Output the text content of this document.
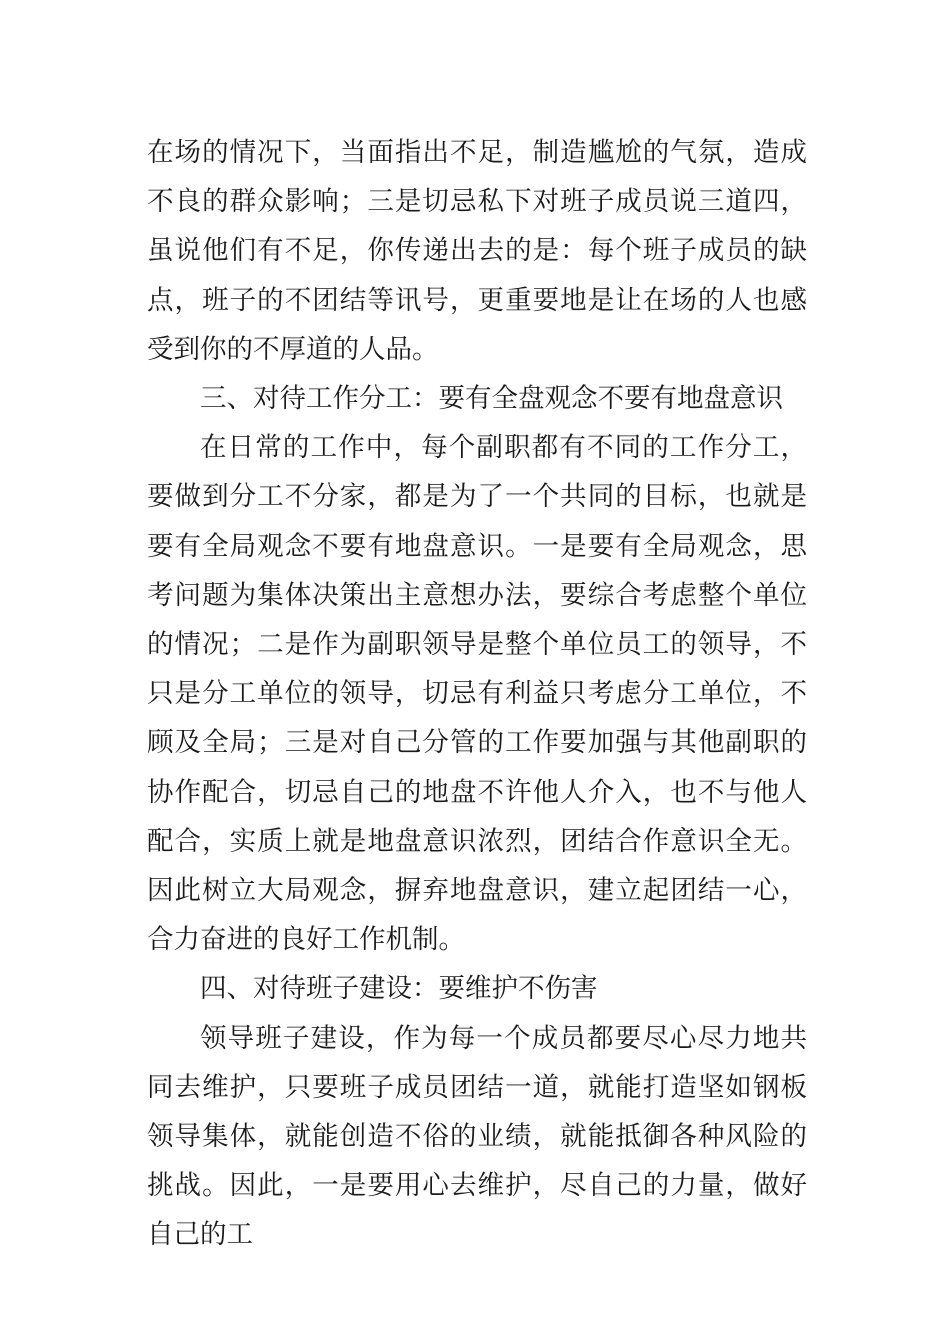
在场的情况下，当面指出不足，制造尴尬的气氛，造成不良的群众影响；三是切忌私下对班子成员说三道四，虽说他们有不足，你传递出去的是：每个班子成员的缺点，班子的不团结等讯号，更重要地是让在场的人也感受到你的不厚道的人品。

三、对待工作分工：要有全盘观念不要有地盘意识

在日常的工作中，每个副职都有不同的工作分工，要做到分工不分家，都是为了一个共同的目标，也就是要有全局观念不要有地盘意识。一是要有全局观念，思考问题为集体决策出主意想办法，要综合考虑整个单位的情况；二是作为副职领导是整个单位员工的领导，不只是分工单位的领导，切忌有利益只考虑分工单位，不顾及全局；三是对自己分管的工作要加强与其他副职的协作配合，切忌自己的地盘不许他人介入，也不与他人配合，实质上就是地盘意识浓烈，团结合作意识全无。因此树立大局观念，摒弃地盘意识，建立起团结一心，合力奋进的良好工作机制。

四、对待班子建设：要维护不伤害

领导班子建设，作为每一个成员都要尽心尽力地共同去维护，只要班子成员团结一道，就能打造坚如钢板领导集体，就能创造不俗的业绩，就能抵御各种风险的挑战。因此，一是要用心去维护，尽自己的力量，做好自己的工
